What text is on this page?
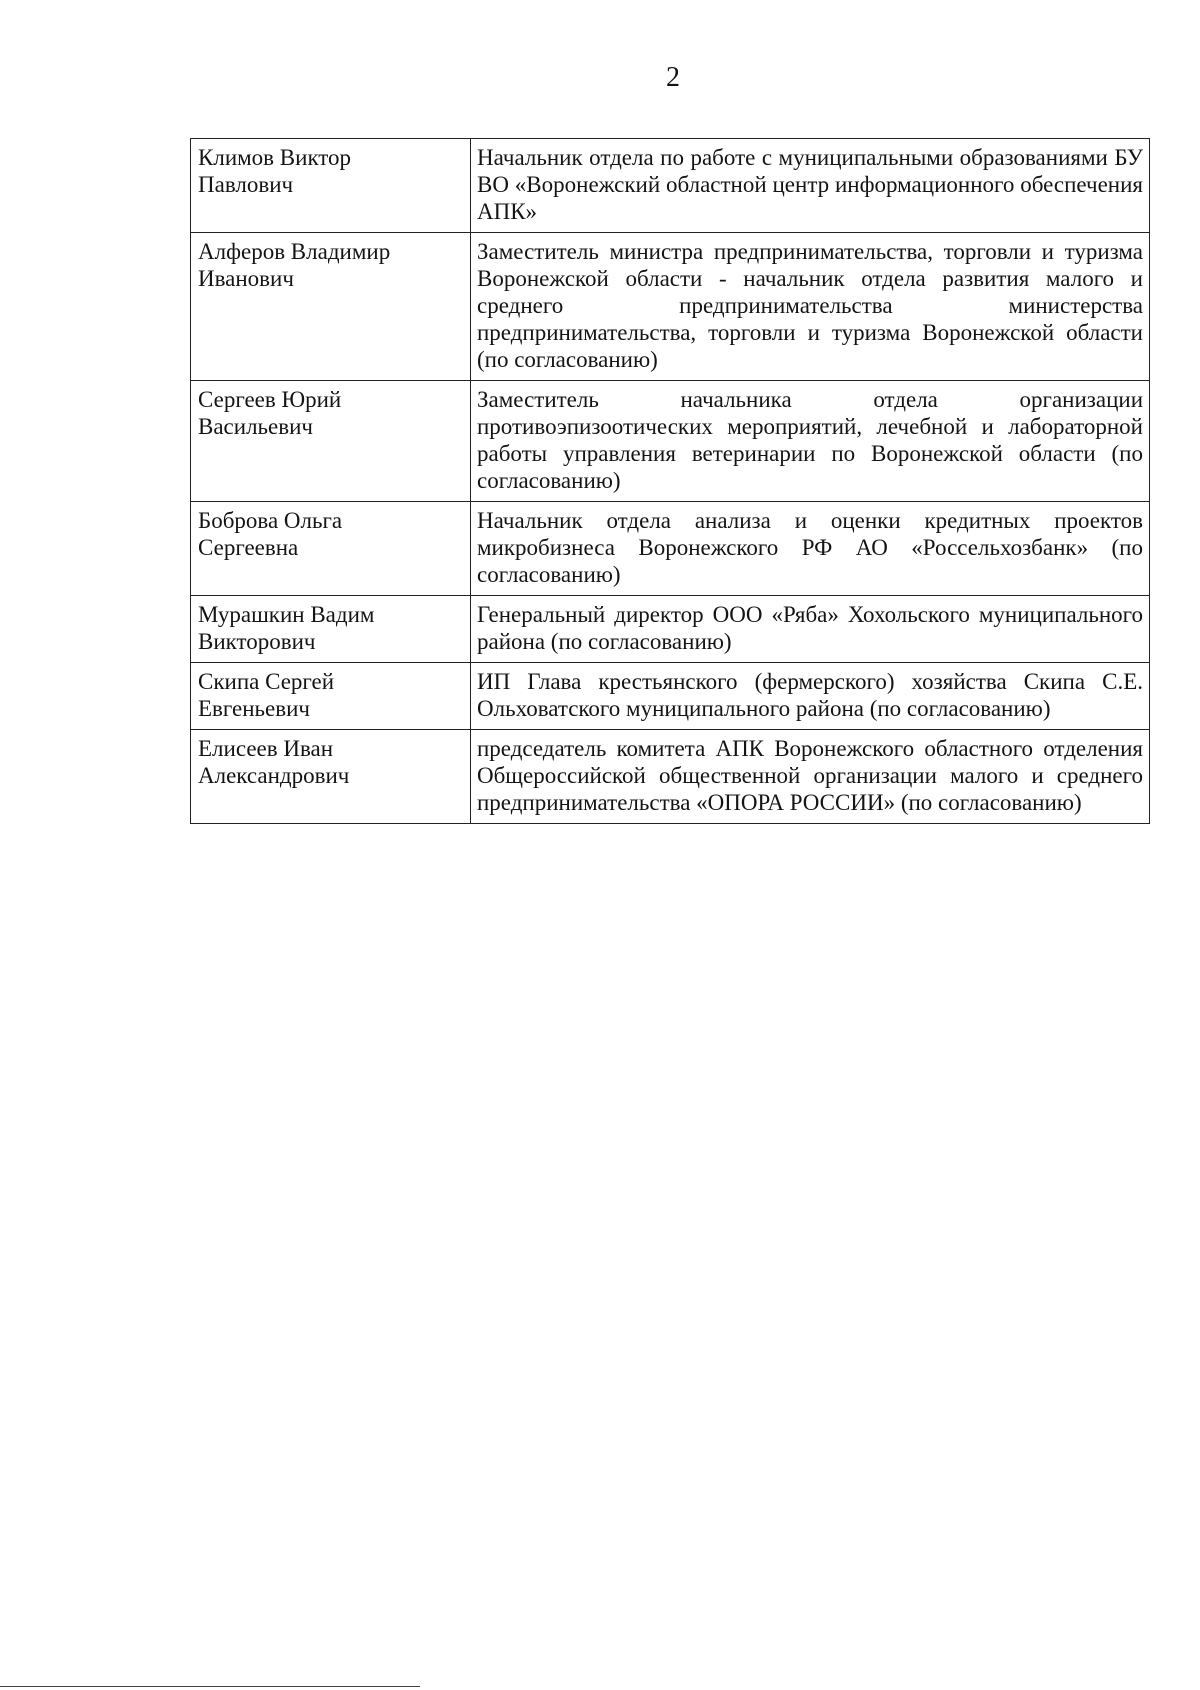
2
Климов Виктор
Павлович	Начальник отдела по работе с муниципальными образованиями БУ ВО «Воронежский областной центр информационного обеспечения АПК»

Алферов Владимир
Иванович	Заместитель министра предпринимательства, торговли и туризма Воронежской области - начальник отдела развития малого и среднего предпринимательства министерства предпринимательства, торговли и туризма Воронежской области (по согласованию)

Сергеев Юрий
Васильевич	Заместитель начальника отдела организации противоэпизоотических мероприятий, лечебной и лабораторной работы управления ветеринарии по Воронежской области (по согласованию)

Боброва Ольга
Сергеевна	Начальник отдела анализа и оценки кредитных проектов микробизнеса Воронежского РФ АО «Россельхозбанк» (по согласованию)

Мурашкин Вадим
Викторович	Генеральный директор ООО «Ряба» Хохольского муниципального района (по согласованию)

Скипа Сергей
Евгеньевич	ИП Глава крестьянского (фермерского) хозяйства Скипа С.Е. Ольховатского муниципального района (по согласованию)

Елисеев Иван
Александрович	председатель комитета АПК Воронежского областного отделения Общероссийской общественной организации малого и среднего предпринимательства «ОПОРА РОССИИ» (по согласованию)
